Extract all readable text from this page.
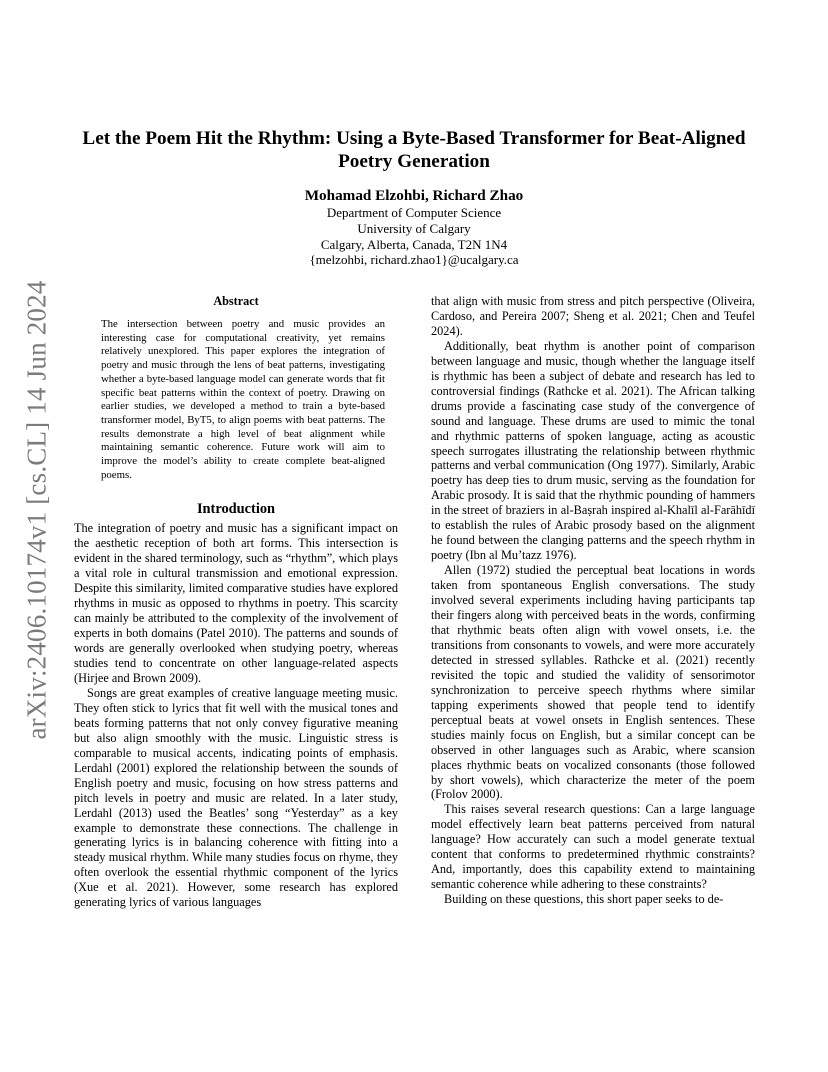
arXiv:2406.10174v1 [cs.CL] 14 Jun 2024
Let the Poem Hit the Rhythm: Using a Byte-Based Transformer for Beat-Aligned Poetry Generation
Mohamad Elzohbi, Richard Zhao
Department of Computer Science
University of Calgary
Calgary, Alberta, Canada, T2N 1N4
{melzohbi, richard.zhao1}@ucalgary.ca
Abstract

The intersection between poetry and music provides an interesting case for computational creativity, yet remains relatively unexplored. This paper explores the integration of poetry and music through the lens of beat patterns, investigating whether a byte-based language model can generate words that fit specific beat patterns within the context of poetry. Drawing on earlier studies, we developed a method to train a byte-based transformer model, ByT5, to align poems with beat patterns. The results demonstrate a high level of beat alignment while maintaining semantic coherence. Future work will aim to improve the model’s ability to create complete beat-aligned poems.

Introduction

The integration of poetry and music has a significant impact on the aesthetic reception of both art forms. This intersection is evident in the shared terminology, such as “rhythm”, which plays a vital role in cultural transmission and emotional expression. Despite this similarity, limited comparative studies have explored rhythms in music as opposed to rhythms in poetry. This scarcity can mainly be attributed to the complexity of the involvement of experts in both domains (Patel 2010). The patterns and sounds of words are generally overlooked when studying poetry, whereas studies tend to concentrate on other language-related aspects (Hirjee and Brown 2009).

Songs are great examples of creative language meeting music. They often stick to lyrics that fit well with the musical tones and beats forming patterns that not only convey figurative meaning but also align smoothly with the music. Linguistic stress is comparable to musical accents, indicating points of emphasis. Lerdahl (2001) explored the relationship between the sounds of English poetry and music, focusing on how stress patterns and pitch levels in poetry and music are related. In a later study, Lerdahl (2013) used the Beatles’ song “Yesterday” as a key example to demonstrate these connections. The challenge in generating lyrics is in balancing coherence with fitting into a steady musical rhythm. While many studies focus on rhyme, they often overlook the essential rhythmic component of the lyrics (Xue et al. 2021). However, some research has explored generating lyrics of various languages

that align with music from stress and pitch perspective (Oliveira, Cardoso, and Pereira 2007; Sheng et al. 2021; Chen and Teufel 2024).

Additionally, beat rhythm is another point of comparison between language and music, though whether the language itself is rhythmic has been a subject of debate and research has led to controversial findings (Rathcke et al. 2021). The African talking drums provide a fascinating case study of the convergence of sound and language. These drums are used to mimic the tonal and rhythmic patterns of spoken language, acting as acoustic speech surrogates illustrating the relationship between rhythmic patterns and verbal communication (Ong 1977). Similarly, Arabic poetry has deep ties to drum music, serving as the foundation for Arabic prosody. It is said that the rhythmic pounding of hammers in the street of braziers in al-Baṣrah inspired al-Khalīl al-Farāhīdī to establish the rules of Arabic prosody based on the alignment he found between the clanging patterns and the speech rhythm in poetry (Ibn al Mu’tazz 1976).

Allen (1972) studied the perceptual beat locations in words taken from spontaneous English conversations. The study involved several experiments including having participants tap their fingers along with perceived beats in the words, confirming that rhythmic beats often align with vowel onsets, i.e. the transitions from consonants to vowels, and were more accurately detected in stressed syllables. Rathcke et al. (2021) recently revisited the topic and studied the validity of sensorimotor synchronization to perceive speech rhythms where similar tapping experiments showed that people tend to identify perceptual beats at vowel onsets in English sentences. These studies mainly focus on English, but a similar concept can be observed in other languages such as Arabic, where scansion places rhythmic beats on vocalized consonants (those followed by short vowels), which characterize the meter of the poem (Frolov 2000).

This raises several research questions: Can a large language model effectively learn beat patterns perceived from natural language? How accurately can such a model generate textual content that conforms to predetermined rhythmic constraints? And, importantly, does this capability extend to maintaining semantic coherence while adhering to these constraints?

Building on these questions, this short paper seeks to de-
